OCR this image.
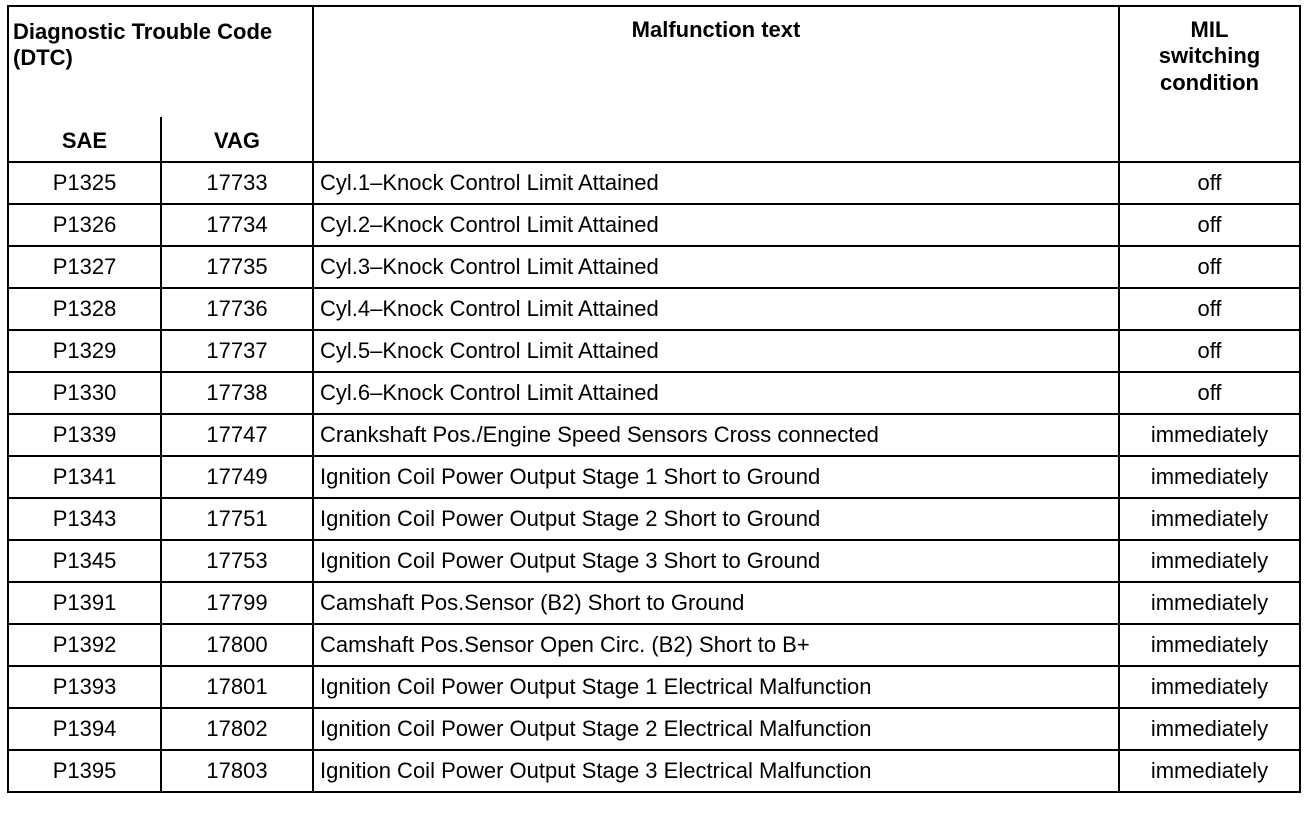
Diagnostic Trouble Code (DTC)		Malfunction text	MIL
switching
condition

SAE	VAG		
P1325	17733	Cyl.1–Knock Control Limit Attained	off
P1326	17734	Cyl.2–Knock Control Limit Attained	off
P1327	17735	Cyl.3–Knock Control Limit Attained	off
P1328	17736	Cyl.4–Knock Control Limit Attained	off
P1329	17737	Cyl.5–Knock Control Limit Attained	off
P1330	17738	Cyl.6–Knock Control Limit Attained	off
P1339	17747	Crankshaft Pos./Engine Speed Sensors Cross connected	immediately
P1341	17749	Ignition Coil Power Output Stage 1 Short to Ground	immediately
P1343	17751	Ignition Coil Power Output Stage 2 Short to Ground	immediately
P1345	17753	Ignition Coil Power Output Stage 3 Short to Ground	immediately
P1391	17799	Camshaft Pos.Sensor (B2) Short to Ground	immediately
P1392	17800	Camshaft Pos.Sensor Open Circ. (B2) Short to B+	immediately
P1393	17801	Ignition Coil Power Output Stage 1 Electrical Malfunction	immediately
P1394	17802	Ignition Coil Power Output Stage 2 Electrical Malfunction	immediately
P1395	17803	Ignition Coil Power Output Stage 3 Electrical Malfunction	immediately
